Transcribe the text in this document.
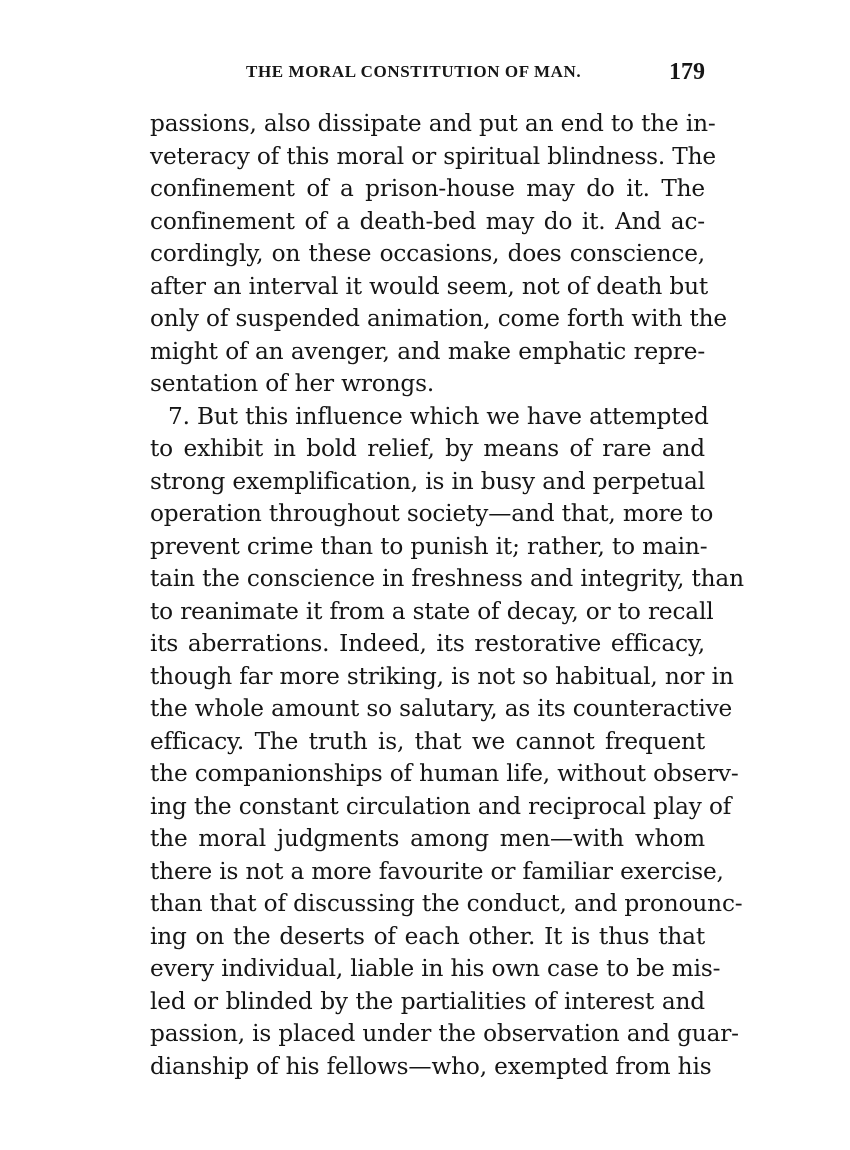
THE MORAL CONSTITUTION OF MAN.	179
passions, also dissipate and put an end to the in-
veteracy of this moral or spiritual blindness. The
confinement of a prison-house may do it. The
confinement of a death-bed may do it. And ac-
cordingly, on these occasions, does conscience,
after an interval it would seem, not of death but
only of suspended animation, come forth with the
might of an avenger, and make emphatic repre-
sentation of her wrongs.
7. But this influence which we have attempted
to exhibit in bold relief, by means of rare and
strong exemplification, is in busy and perpetual
operation throughout society—and that, more to
prevent crime than to punish it; rather, to main-
tain the conscience in freshness and integrity, than
to reanimate it from a state of decay, or to recall
its aberrations. Indeed, its restorative efficacy,
though far more striking, is not so habitual, nor in
the whole amount so salutary, as its counteractive
efficacy. The truth is, that we cannot frequent
the companionships of human life, without observ-
ing the constant circulation and reciprocal play of
the moral judgments among men—with whom
there is not a more favourite or familiar exercise,
than that of discussing the conduct, and pronounc-
ing on the deserts of each other. It is thus that
every individual, liable in his own case to be mis-
led or blinded by the partialities of interest and
passion, is placed under the observation and guar-
dianship of his fellows—who, exempted from his
